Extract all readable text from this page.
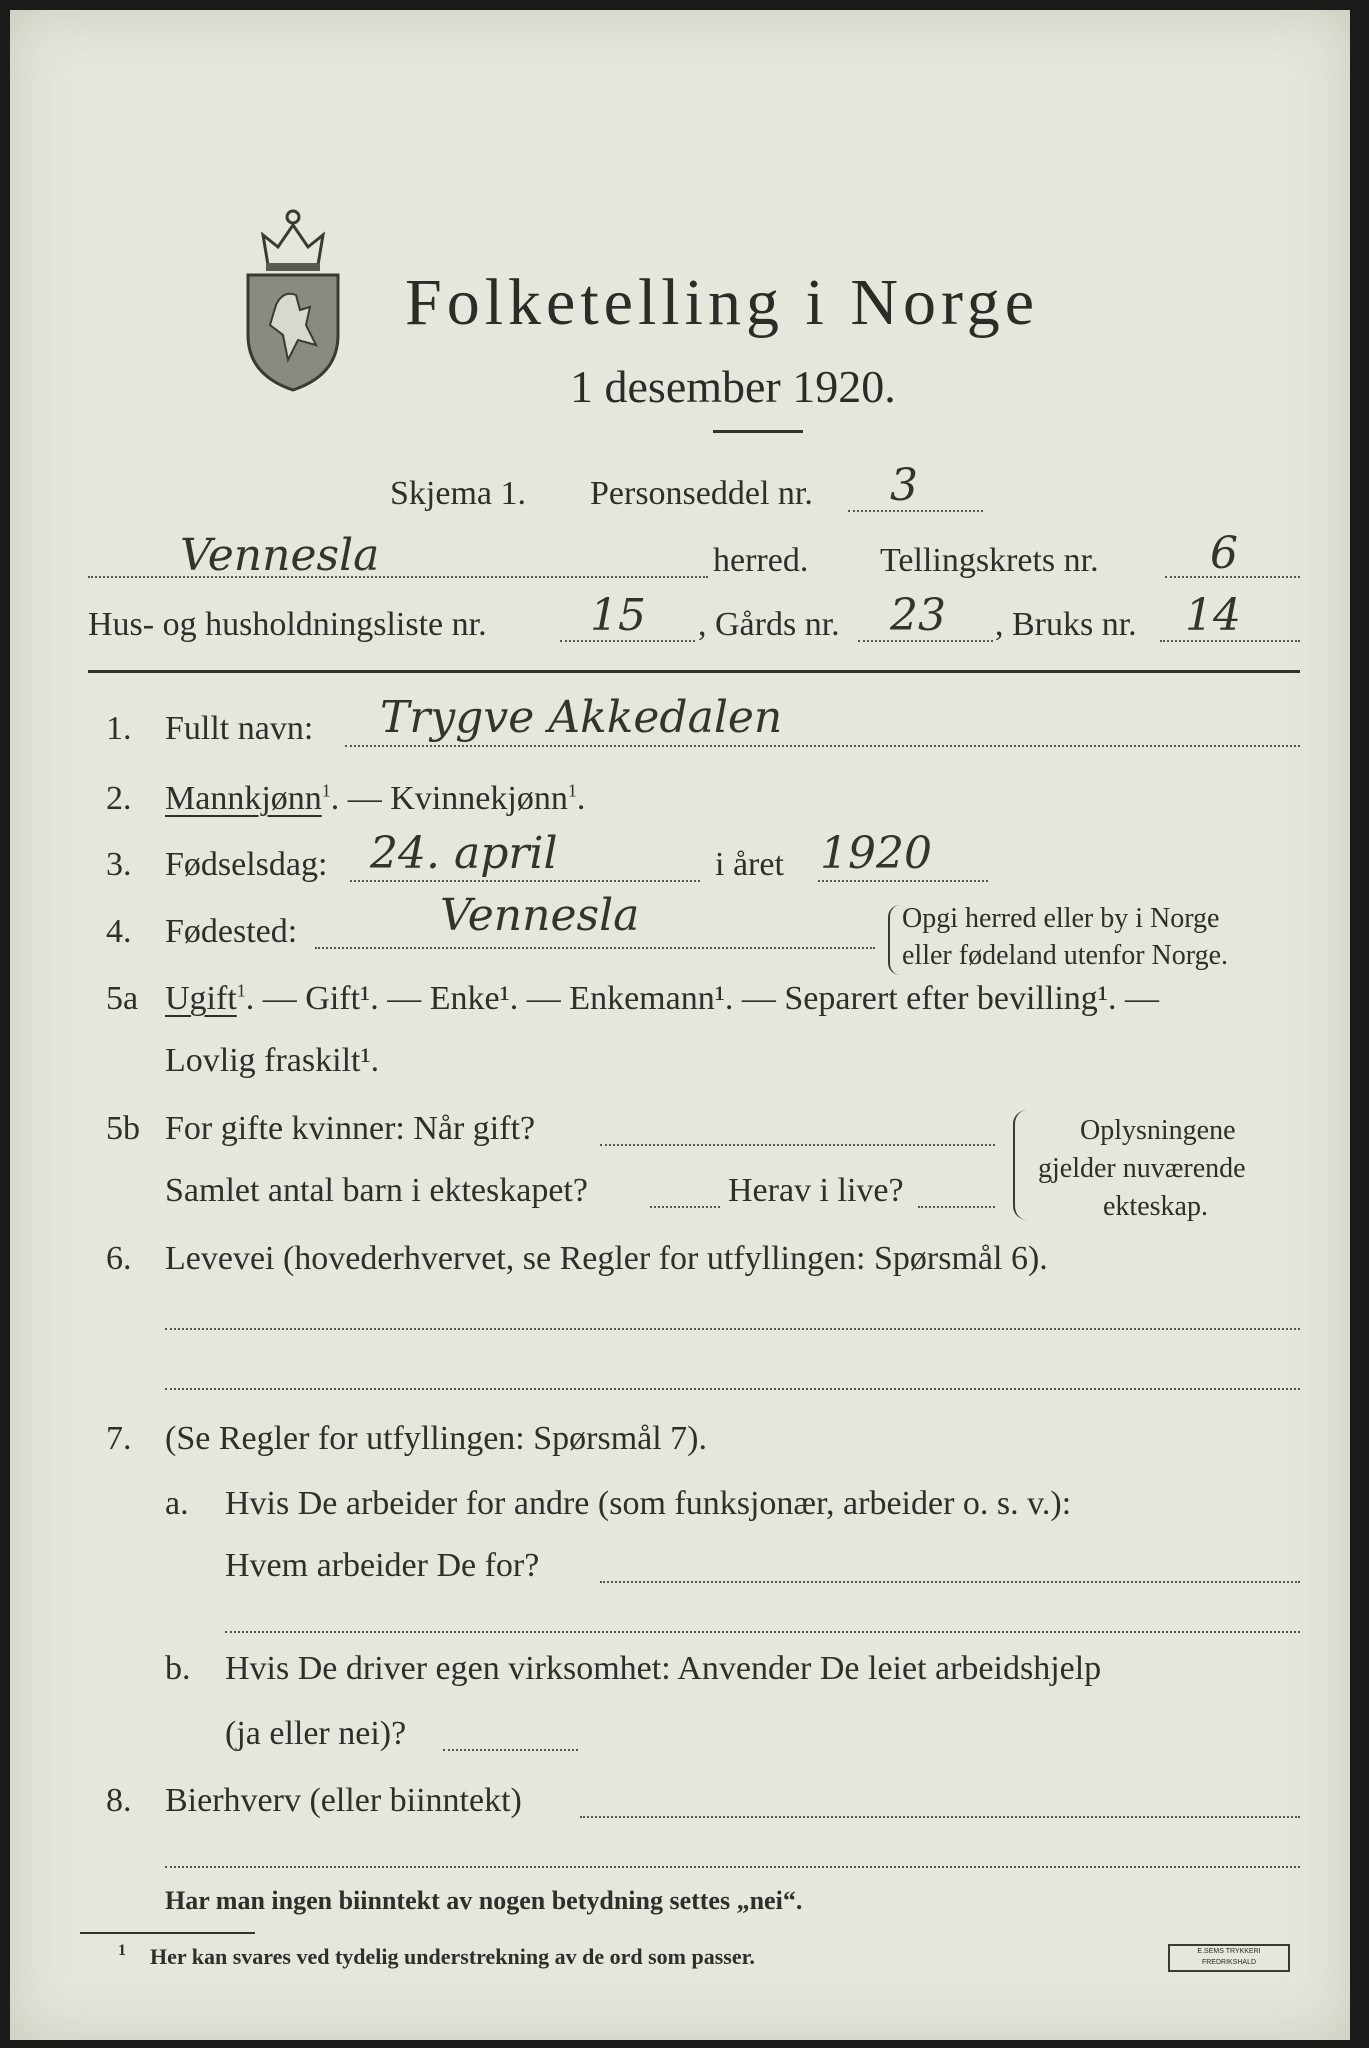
Folketelling i Norge
1 desember 1920.
Skjema 1. Personseddel nr. 3
Vennesla	herred. Tellingskrets nr.	6
Hus- og husholdningsliste nr. 15 , Gårds nr. 23 , Bruks nr. 14
1. Fullt navn: Trygve Akkedalen
2. Mannkjønn$^1$. — Kvinnekjønn$^1$.
3. Fødselsdag: 24. april	i året 1920
4. Fødested:	Vennesla	Opgi herred eller by i Norge
eller fødeland utenfor Norge.
5a Ugift$^1$. — Gift¹. — Enke¹. — Enkemann¹. — Separert efter bevilling¹. —
Lovlig fraskilt¹.
5b For gifte kvinner: Når gift?
Samlet antal barn i ekteskapet?	Herav i live?
Oplysningene
gjelder nuværende
ekteskap.
6. Levevei (hovederhvervet, se Regler for utfyllingen: Spørsmål 6).
7. (Se Regler for utfyllingen: Spørsmål 7).
a. Hvis De arbeider for andre (som funksjonær, arbeider o. s. v.):
Hvem arbeider De for?
b. Hvis De driver egen virksomhet: Anvender De leiet arbeidshjelp
(ja eller nei)?
8. Bierhverv (eller biinntekt)
Har man ingen biinntekt av nogen betydning settes „nei“.
1 Her kan svares ved tydelig understrekning av de ord som passer.	E.SEMS TRYKKERI FREDRIKSHALD
